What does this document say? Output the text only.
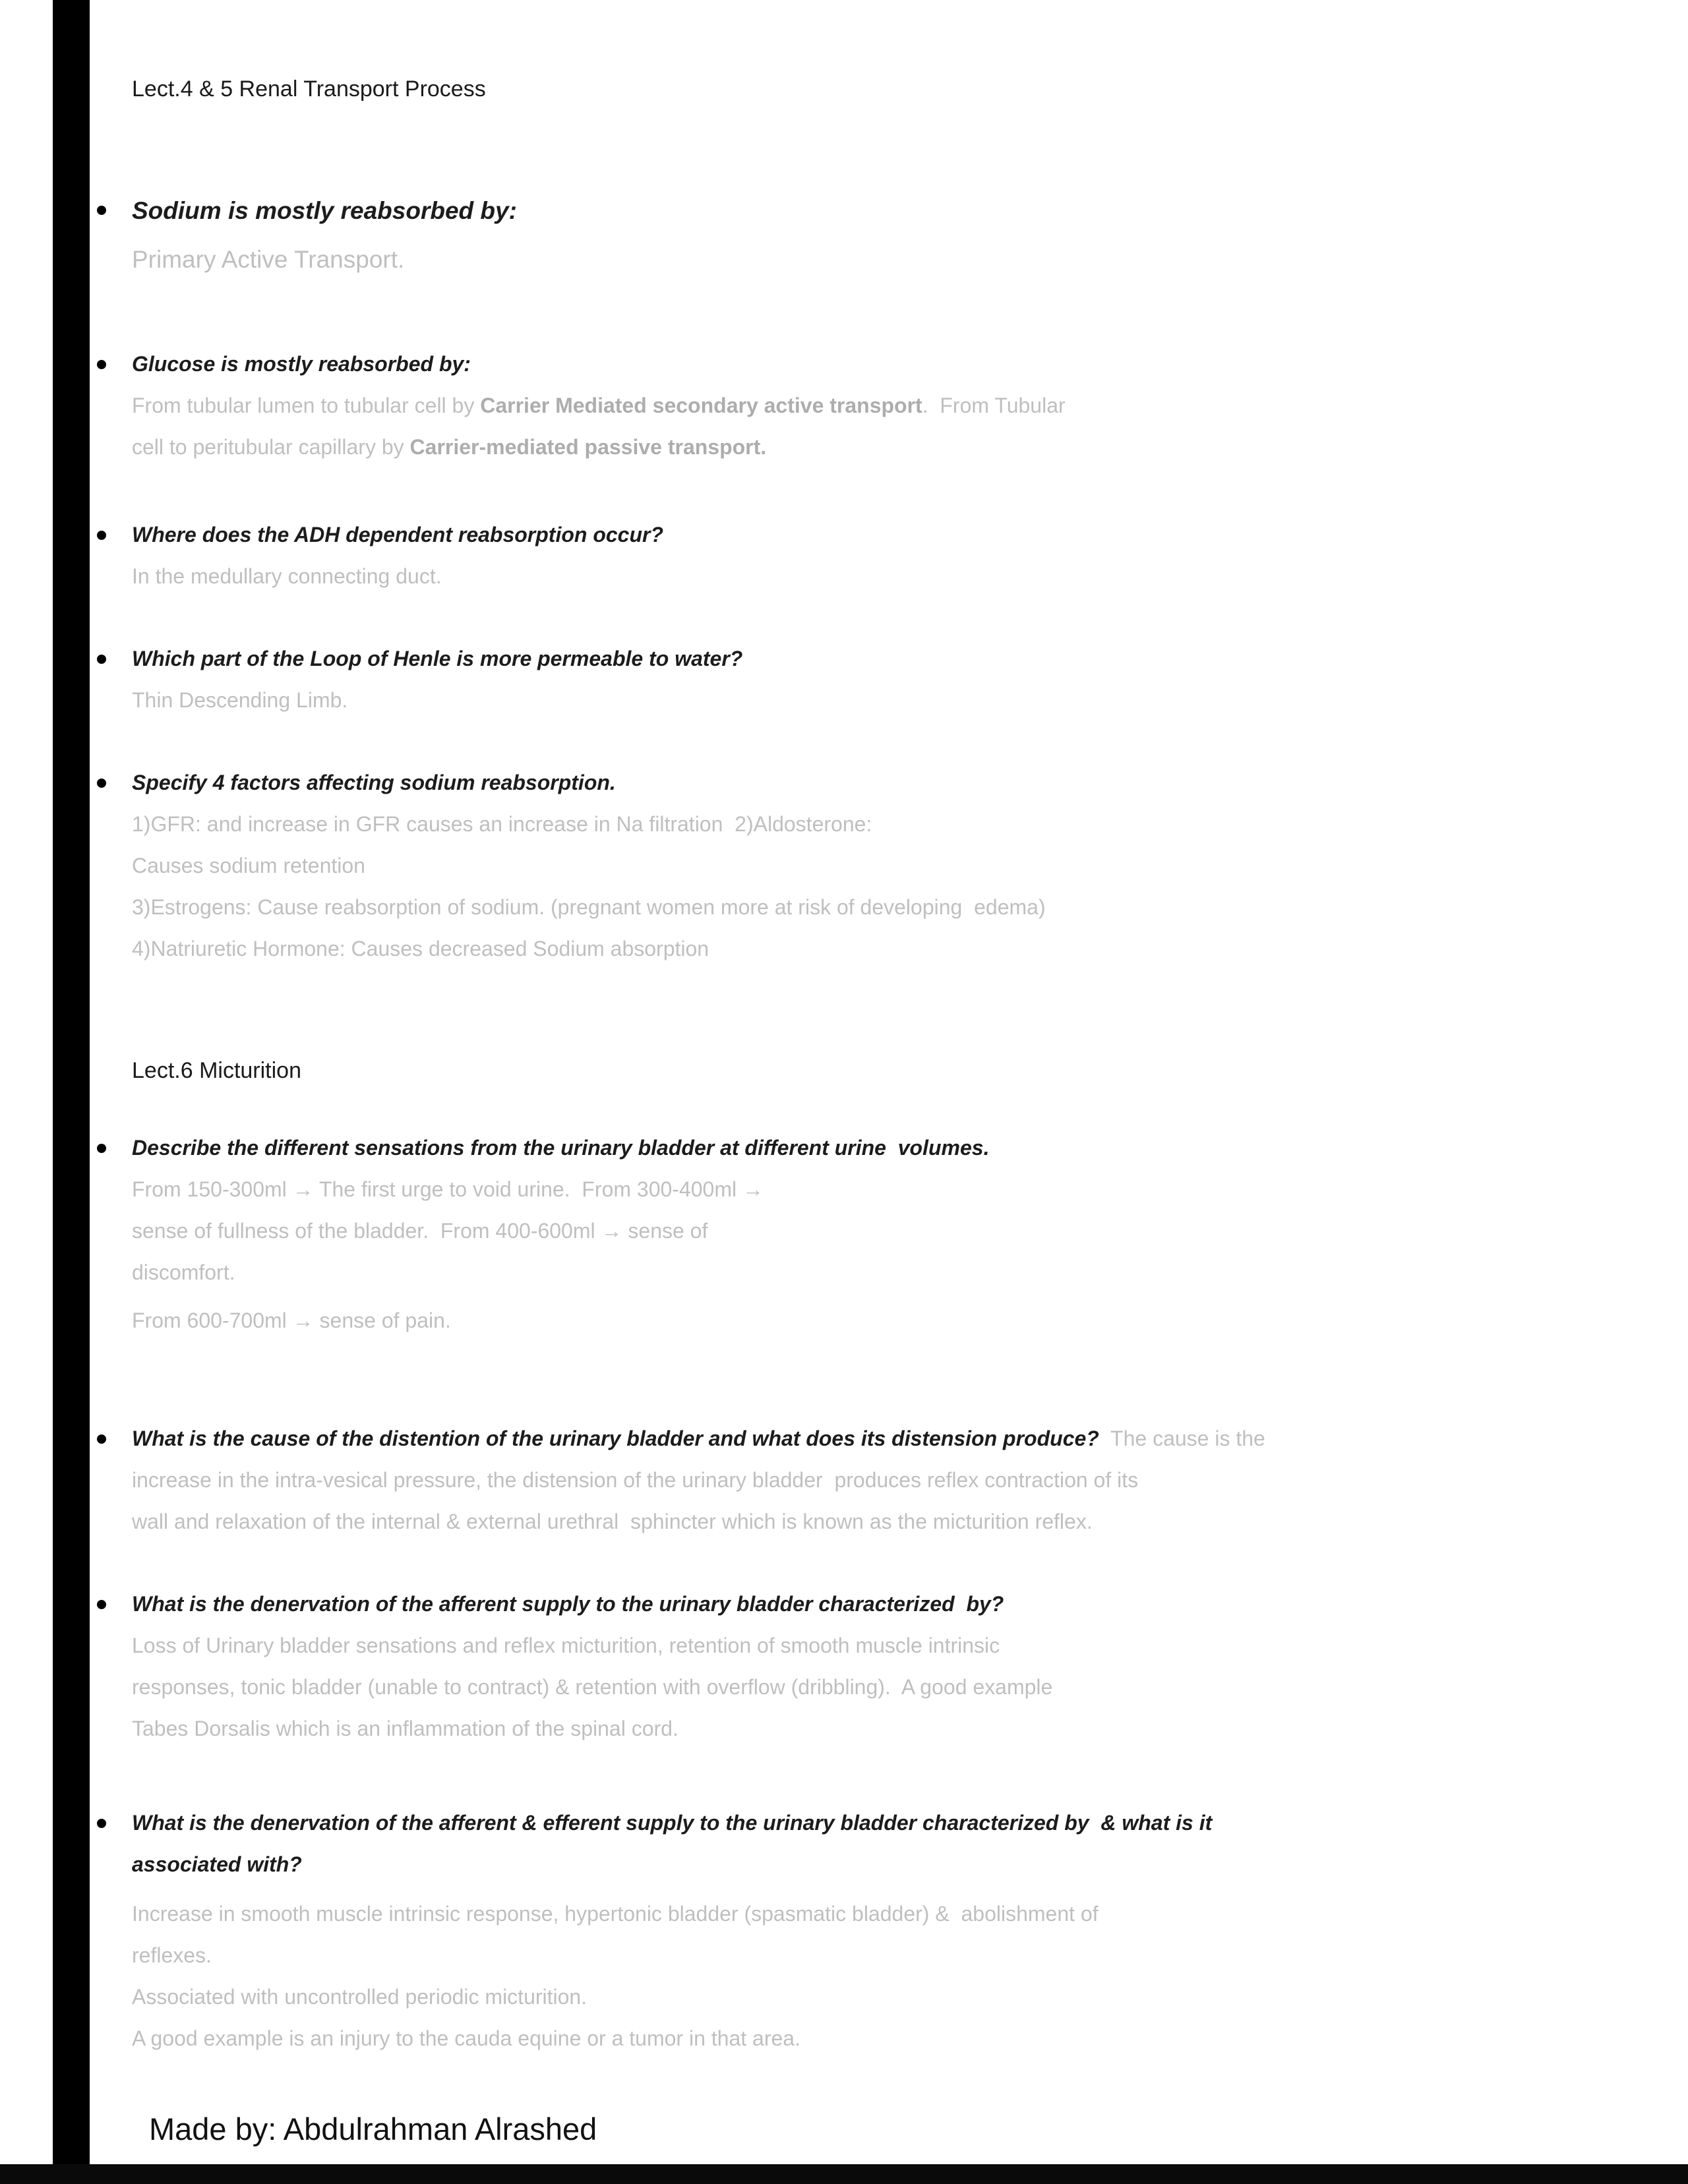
Lect.4 & 5 Renal Transport Process
Sodium is mostly reabsorbed by:
Primary Active Transport.
Glucose is mostly reabsorbed by:
From tubular lumen to tubular cell by Carrier Mediated secondary active transport.  From Tubular
cell to peritubular capillary by Carrier-mediated passive transport.
Where does the ADH dependent reabsorption occur?
In the medullary connecting duct.
Which part of the Loop of Henle is more permeable to water?
Thin Descending Limb.
Specify 4 factors affecting sodium reabsorption.
1)GFR: and increase in GFR causes an increase in Na filtration  2)Aldosterone:
Causes sodium retention
3)Estrogens: Cause reabsorption of sodium. (pregnant women more at risk of developing  edema)
4)Natriuretic Hormone: Causes decreased Sodium absorption
Lect.6 Micturition
Describe the different sensations from the urinary bladder at different urine  volumes.
From 150-300ml → The first urge to void urine.  From 300-400ml →
sense of fullness of the bladder.  From 400-600ml → sense of
discomfort.
From 600-700ml → sense of pain.
What is the cause of the distention of the urinary bladder and what does its distension produce?  The cause is the
increase in the intra-vesical pressure, the distension of the urinary bladder  produces reflex contraction of its
wall and relaxation of the internal & external urethral  sphincter which is known as the micturition reflex.
What is the denervation of the afferent supply to the urinary bladder characterized  by?
Loss of Urinary bladder sensations and reflex micturition, retention of smooth muscle intrinsic
responses, tonic bladder (unable to contract) & retention with overflow (dribbling).  A good example
Tabes Dorsalis which is an inflammation of the spinal cord.
What is the denervation of the afferent & efferent supply to the urinary bladder characterized by  & what is it
associated with?
Increase in smooth muscle intrinsic response, hypertonic bladder (spasmatic bladder) &  abolishment of
reflexes.
Associated with uncontrolled periodic micturition.
A good example is an injury to the cauda equine or a tumor in that area.
Made by: Abdulrahman Alrashed
